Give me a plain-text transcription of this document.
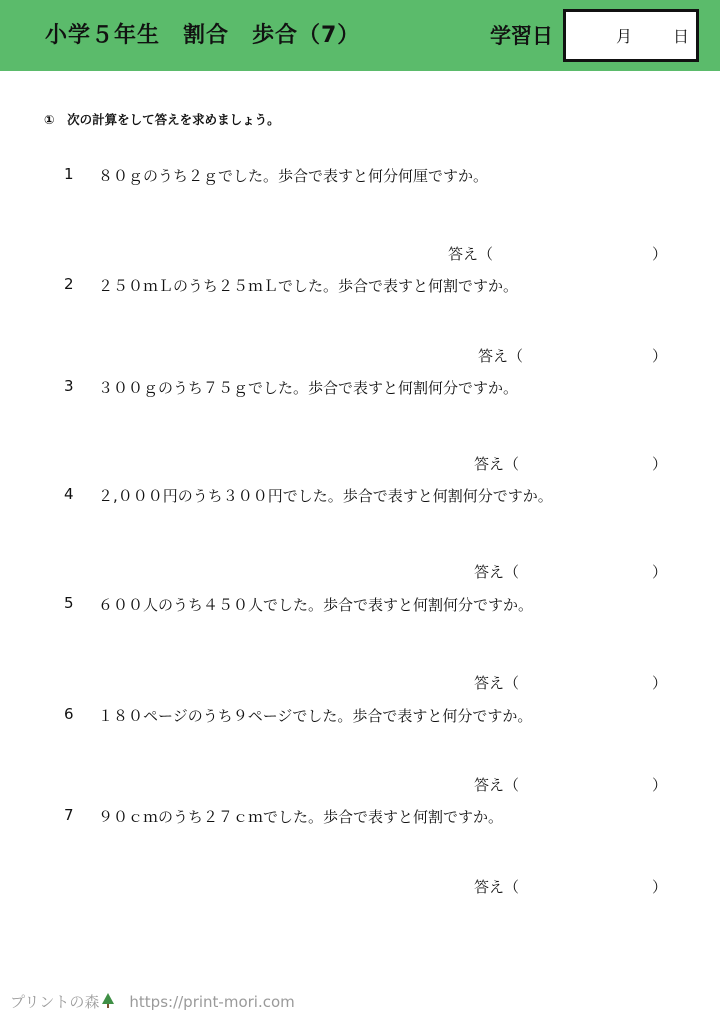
小学５年生　割合　歩合（7）	学習日	月	日
①　次の計算をして答えを求めましょう。
1 ８０ｇのうち２ｇでした。歩合で表すと何分何厘ですか。
答え（	）
2 ２５０ｍＬのうち２５ｍＬでした。歩合で表すと何割ですか。
答え（	）
3 ３００ｇのうち７５ｇでした。歩合で表すと何割何分ですか。
答え（	）
4 ２,０００円のうち３００円でした。歩合で表すと何割何分ですか。
答え（	）
5 ６００人のうち４５０人でした。歩合で表すと何割何分ですか。
答え（	）
6 １８０ページのうち９ページでした。歩合で表すと何分ですか。
答え（	）
7 ９０ｃｍのうち２７ｃｍでした。歩合で表すと何割ですか。
答え（	）
プリントの森 https://print-mori.com
